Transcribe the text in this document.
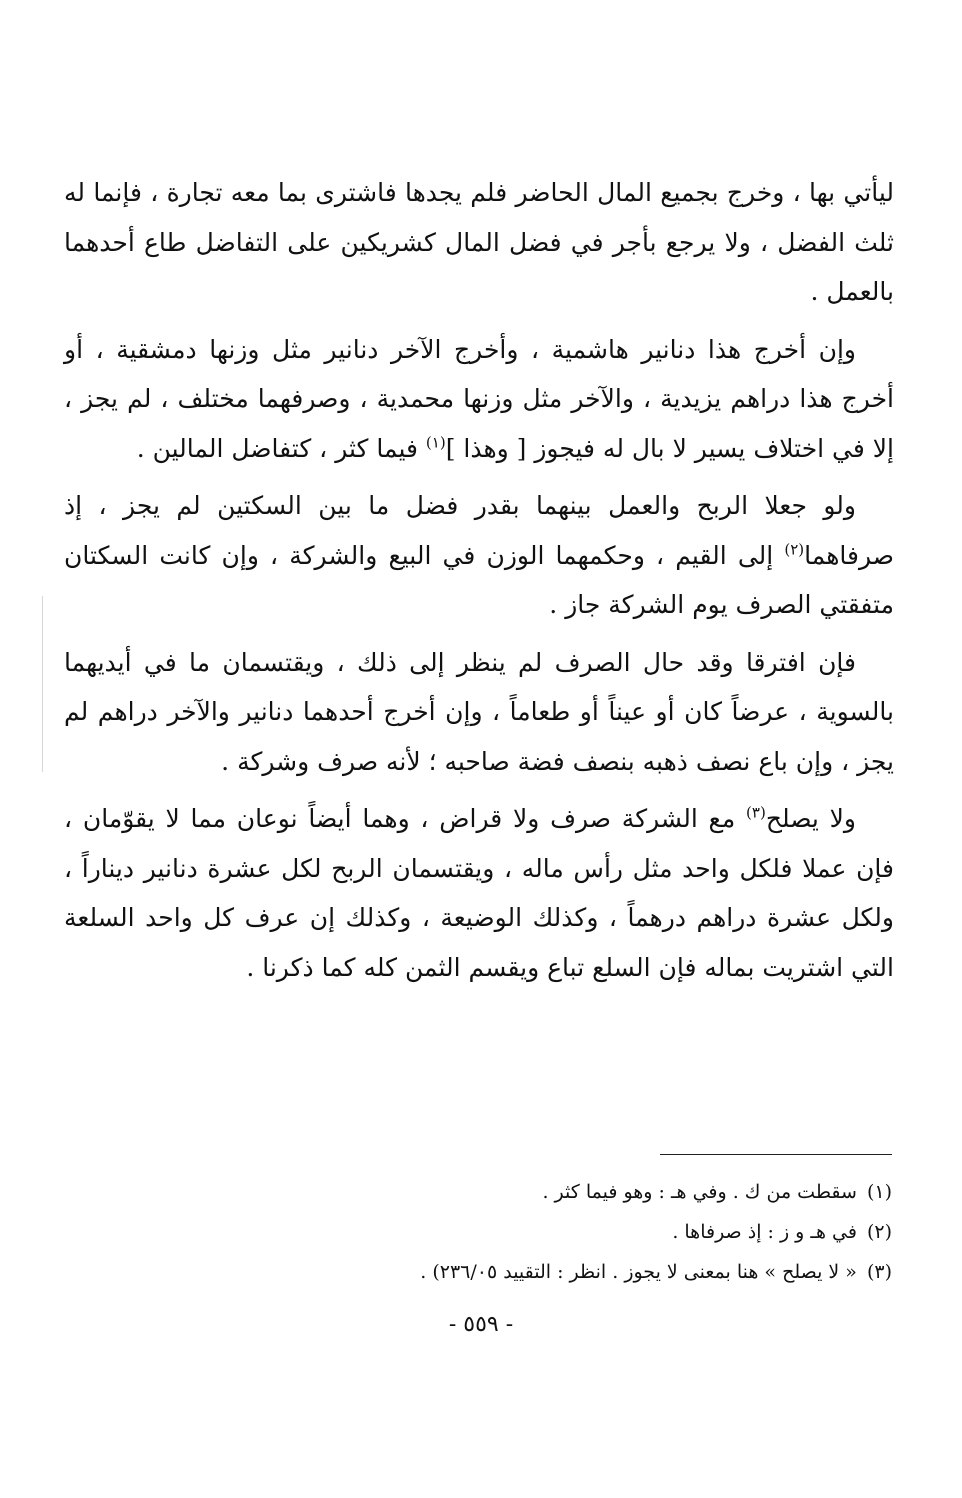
ليأتي بها ، وخرج بجميع المال الحاضر فلم يجدها فاشترى بما معه تجارة ، فإنما له ثلث الفضل ، ولا يرجع بأجر في فضل المال كشريكين على التفاضل طاع أحدهما بالعمل .

وإن أخرج هذا دنانير هاشمية ، وأخرج الآخر دنانير مثل وزنها دمشقية ، أو أخرج هذا دراهم يزيدية ، والآخر مثل وزنها محمدية ، وصرفهما مختلف ، لم يجز ، إلا في اختلاف يسير لا بال له فيجوز [ وهذا ]$^{(١)}$ فيما كثر ، كتفاضل المالين .

ولو جعلا الربح والعمل بينهما بقدر فضل ما بين السكتين لم يجز ، إذ صرفاهما$^{(٢)}$ إلى القيم ، وحكمهما الوزن في البيع والشركة ، وإن كانت السكتان متفقتي الصرف يوم الشركة جاز .

فإن افترقا وقد حال الصرف لم ينظر إلى ذلك ، ويقتسمان ما في أيديهما بالسوية ، عرضاً كان أو عيناً أو طعاماً ، وإن أخرج أحدهما دنانير والآخر دراهم لم يجز ، وإن باع نصف ذهبه بنصف فضة صاحبه ؛ لأنه صرف وشركة .

ولا يصلح$^{(٣)}$ مع الشركة صرف ولا قراض ، وهما أيضاً نوعان مما لا يقوّمان ، فإن عملا فلكل واحد مثل رأس ماله ، ويقتسمان الربح لكل عشرة دنانير ديناراً ، ولكل عشرة دراهم درهماً ، وكذلك الوضيعة ، وكذلك إن عرف كل واحد السلعة التي اشتريت بماله فإن السلع تباع ويقسم الثمن كله كما ذكرنا .

(١)سقطت من ك . وفي هـ : وهو فيما كثر .
(٢)في هـ و ز : إذ صرفاها .
(٣)« لا يصلح » هنا بمعنى لا يجوز . انظر : التقييد ٢٣٦/٠٥) .
- ٥٥٩ -
